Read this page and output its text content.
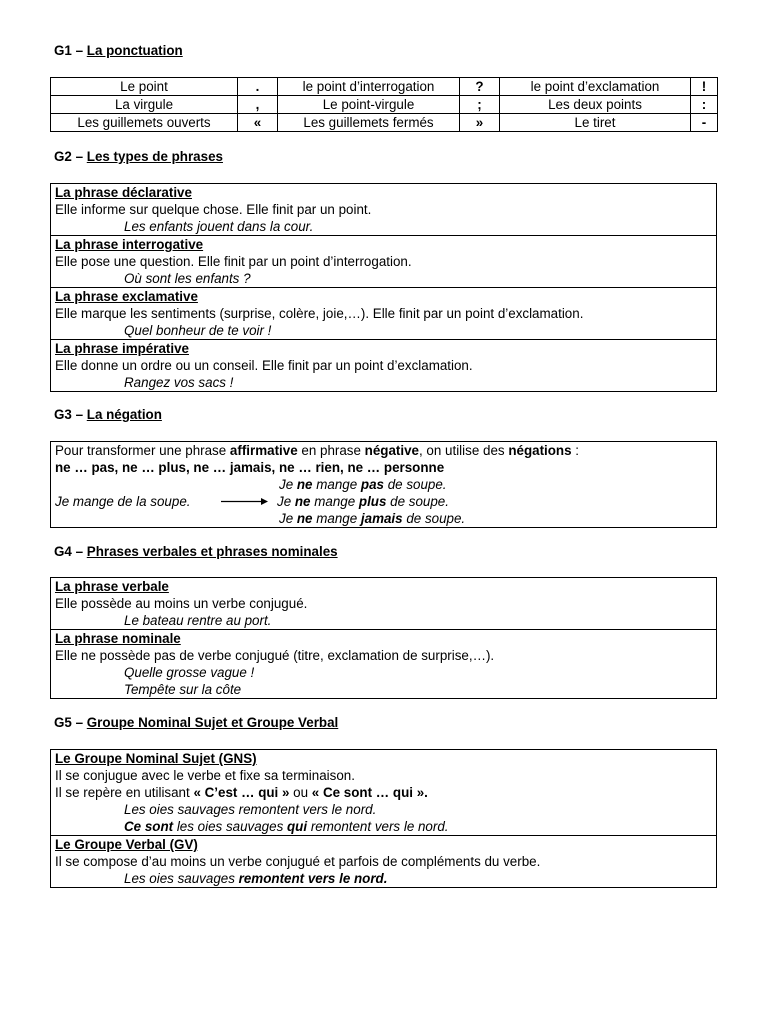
G1 – La ponctuation
Le point	.	le point d’interrogation	?	le point d’exclamation	!
La virgule	,	Le point-virgule	;	Les deux points	:
Les guillemets ouverts	«	Les guillemets fermés	»	Le tiret	-
G2 – Les types de phrases
La phrase déclarative
Elle informe sur quelque chose. Elle finit par un point.
Les enfants jouent dans la cour.
La phrase interrogative
Elle pose une question. Elle finit par un point d’interrogation.
Où sont les enfants ?
La phrase exclamative
Elle marque les sentiments (surprise, colère, joie,…). Elle finit par un point d’exclamation.
Quel bonheur de te voir !
La phrase impérative
Elle donne un ordre ou un conseil. Elle finit par un point d’exclamation.
Rangez vos sacs !
G3 – La négation
Pour transformer une phrase affirmative en phrase négative, on utilise des négations :
ne … pas, ne … plus, ne … jamais, ne … rien, ne … personne
Je ne mange pas de soupe.
Je mange de la soupe.	Je ne mange plus de soupe.
Je ne mange jamais de soupe.
G4 – Phrases verbales et phrases nominales
La phrase verbale
Elle possède au moins un verbe conjugué.
Le bateau rentre au port.
La phrase nominale
Elle ne possède pas de verbe conjugué (titre, exclamation de surprise,…).
Quelle grosse vague !
Tempête sur la côte
G5 – Groupe Nominal Sujet et Groupe Verbal
Le Groupe Nominal Sujet (GNS)
Il se conjugue avec le verbe et fixe sa terminaison.
Il se repère en utilisant « C’est … qui » ou « Ce sont … qui ».
Les oies sauvages remontent vers le nord.
Ce sont les oies sauvages qui remontent vers le nord.
Le Groupe Verbal (GV)
Il se compose d’au moins un verbe conjugué et parfois de compléments du verbe.
Les oies sauvages remontent vers le nord.
